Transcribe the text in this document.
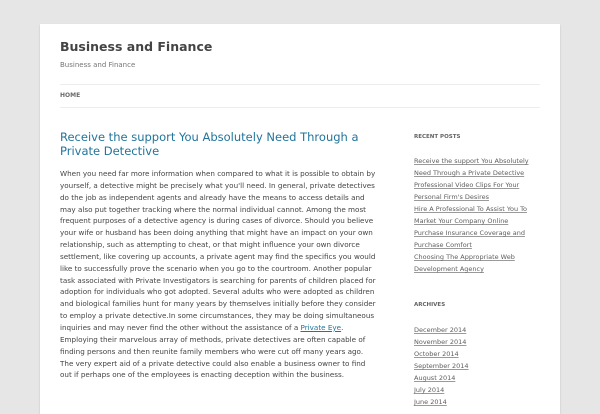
Business and Finance
Business and Finance
HOME
Receive the support You Absolutely Need Through a Private Detective
When you need far more information when compared to what it is possible to obtain by yourself, a detective might be precisely what you'll need. In general, private detectives do the job as independent agents and already have the means to access details and may also put together tracking where the normal individual cannot. Among the most frequent purposes of a detective agency is during cases of divorce. Should you believe your wife or husband has been doing anything that might have an impact on your own relationship, such as attempting to cheat, or that might influence your own divorce settlement, like covering up accounts, a private agent may find the specifics you would like to successfully prove the scenario when you go to the courtroom. Another popular task associated with Private Investigators is searching for parents of children placed for adoption for individuals who got adopted. Several adults who were adopted as children and biological families hunt for many years by themselves initially before they consider to employ a private detective.In some circumstances, they may be doing simultaneous inquiries and may never find the other without the assistance of a Private Eye. Employing their marvelous array of methods, private detectives are often capable of finding persons and then reunite family members who were cut off many years ago. The very expert aid of a private detective could also enable a business owner to find out if perhaps one of the employees is enacting deception within the business.
RECENT POSTS
Receive the support You Absolutely Need Through a Private Detective
Professional Video Clips For Your Personal Firm's Desires
Hire A Professional To Assist You To Market Your Company Online
Purchase Insurance Coverage and Purchase Comfort
Choosing The Appropriate Web Development Agency
ARCHIVES
December 2014
November 2014
October 2014
September 2014
August 2014
July 2014
June 2014
